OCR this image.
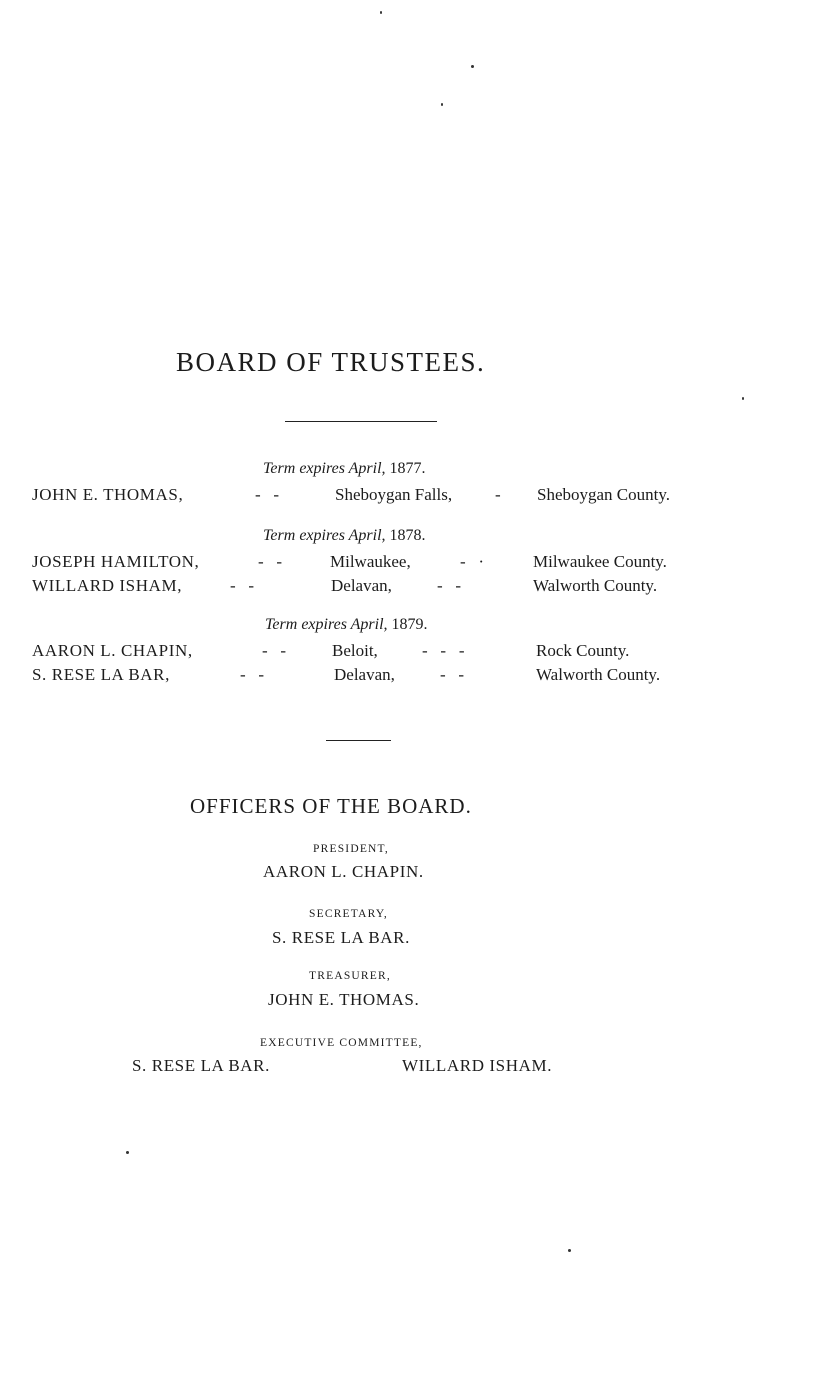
BOARD OF TRUSTEES.
Term expires April, 1877.
JOHN E. THOMAS,	-   -	Sheboygan Falls,	- Sheboygan County.
Term expires April, 1878.
JOSEPH HAMILTON,	-   -	Milwaukee,	-   ·	Milwaukee County.
WILLARD ISHAM,	-   -	Delavan,	-   -	Walworth County.
Term expires April, 1879.
AARON L. CHAPIN,	-   -	Beloit,	-   -   -	Rock County.
S. RESE LA BAR,	-   -	Delavan,	-   -	Walworth County.
OFFICERS OF THE BOARD.
PRESIDENT,
AARON L. CHAPIN.
SECRETARY,
S. RESE LA BAR.
TREASURER,
JOHN E. THOMAS.
EXECUTIVE COMMITTEE,
S. RESE LA BAR.	WILLARD ISHAM.
